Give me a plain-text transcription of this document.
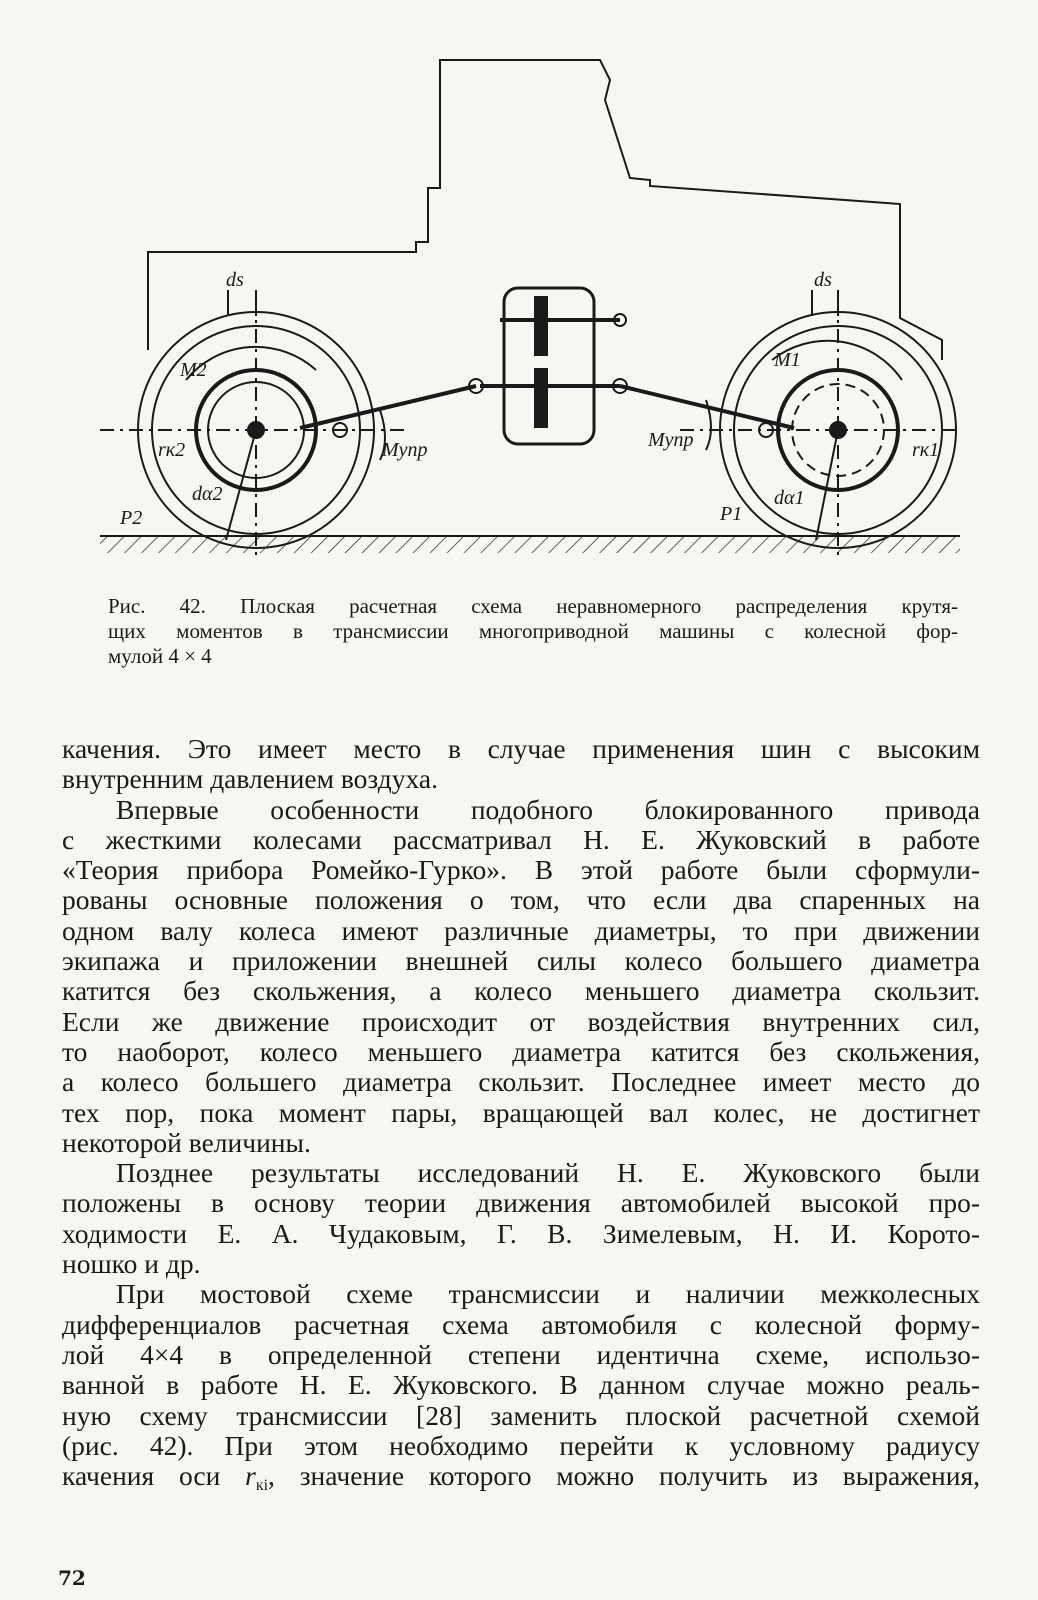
ds	ds
M2	M1
Mупр	Mупр
rк2	rк1
dα2	dα1
P2	P1
Рис. 42. Плоская расчетная схема неравномерного распределения крутя-
щих моментов в трансмиссии многоприводной машины с колесной фор-
мулой 4 × 4

качения. Это имеет место в случае применения шин с высоким
внутренним давлением воздуха.

Впервые особенности подобного блокированного привода
с жесткими колесами рассматривал Н. Е. Жуковский в работе
«Теория прибора Ромейко-Гурко». В этой работе были сформули-
рованы основные положения о том, что если два спаренных на
одном валу колеса имеют различные диаметры, то при движении
экипажа и приложении внешней силы колесо большего диаметра
катится без скольжения, а колесо меньшего диаметра скользит.
Если же движение происходит от воздействия внутренних сил,
то наоборот, колесо меньшего диаметра катится без скольжения,
а колесо большего диаметра скользит. Последнее имеет место до
тех пор, пока момент пары, вращающей вал колес, не достигнет
некоторой величины.

Позднее результаты исследований Н. Е. Жуковского были
положены в основу теории движения автомобилей высокой про-
ходимости Е. А. Чудаковым, Г. В. Зимелевым, Н. И. Корото-
ношко и др.

При мостовой схеме трансмиссии и наличии межколесных
дифференциалов расчетная схема автомобиля с колесной форму-
лой 4×4 в определенной степени идентична схеме, использо-
ванной в работе Н. Е. Жуковского. В данном случае можно реаль-
ную схему трансмиссии [28] заменить плоской расчетной схемой
(рис. 42). При этом необходимо перейти к условному радиусу
качения оси $r_{кi}$, значение которого можно получить из выражения,

72
